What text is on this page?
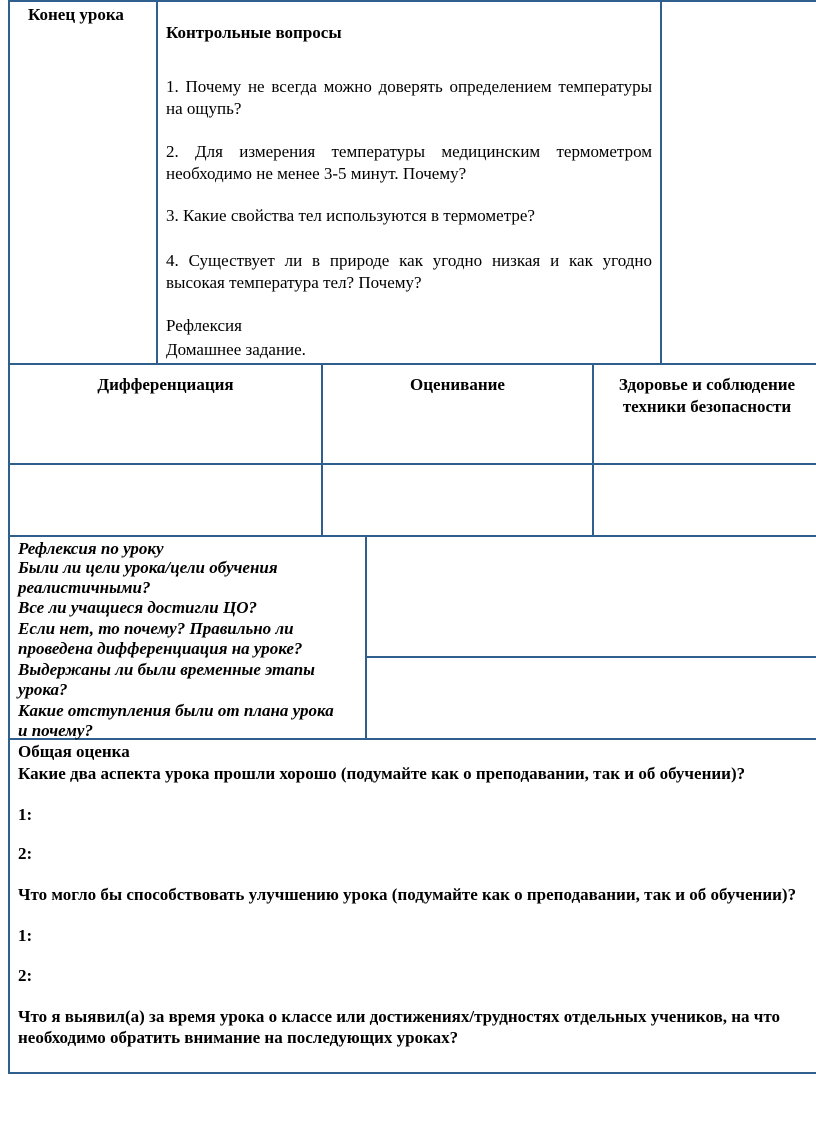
Конец урока
Контрольные вопросы
1. Почему не всегда можно доверять определением температуры на ощупь?
2. Для измерения температуры медицинским термометром необходимо не менее 3-5 минут. Почему?
3. Какие свойства тел используются в термометре?
4. Существует ли в природе как угодно низкая и как угодно высокая температура тел? Почему?
Рефлексия
Домашнее задание.
Дифференциация	Оценивание	Здоровье и соблюдение техники безопасности
Рефлексия по уроку
Были ли цели урока/цели обучения реалистичными?
Все ли учащиеся достигли ЦО?
Если нет, то почему? Правильно ли проведена дифференциация на уроке?
Выдержаны ли были временные этапы урока?
Какие отступления были от плана урока и почему?
Общая оценка
Какие два аспекта урока прошли хорошо (подумайте как о преподавании, так и об обучении)?
1:
2:
Что могло бы способствовать улучшению урока (подумайте как о преподавании, так и об обучении)?
1:
2:
Что я выявил(а) за время урока о классе или достижениях/трудностях отдельных учеников, на что необходимо обратить внимание на последующих уроках?
